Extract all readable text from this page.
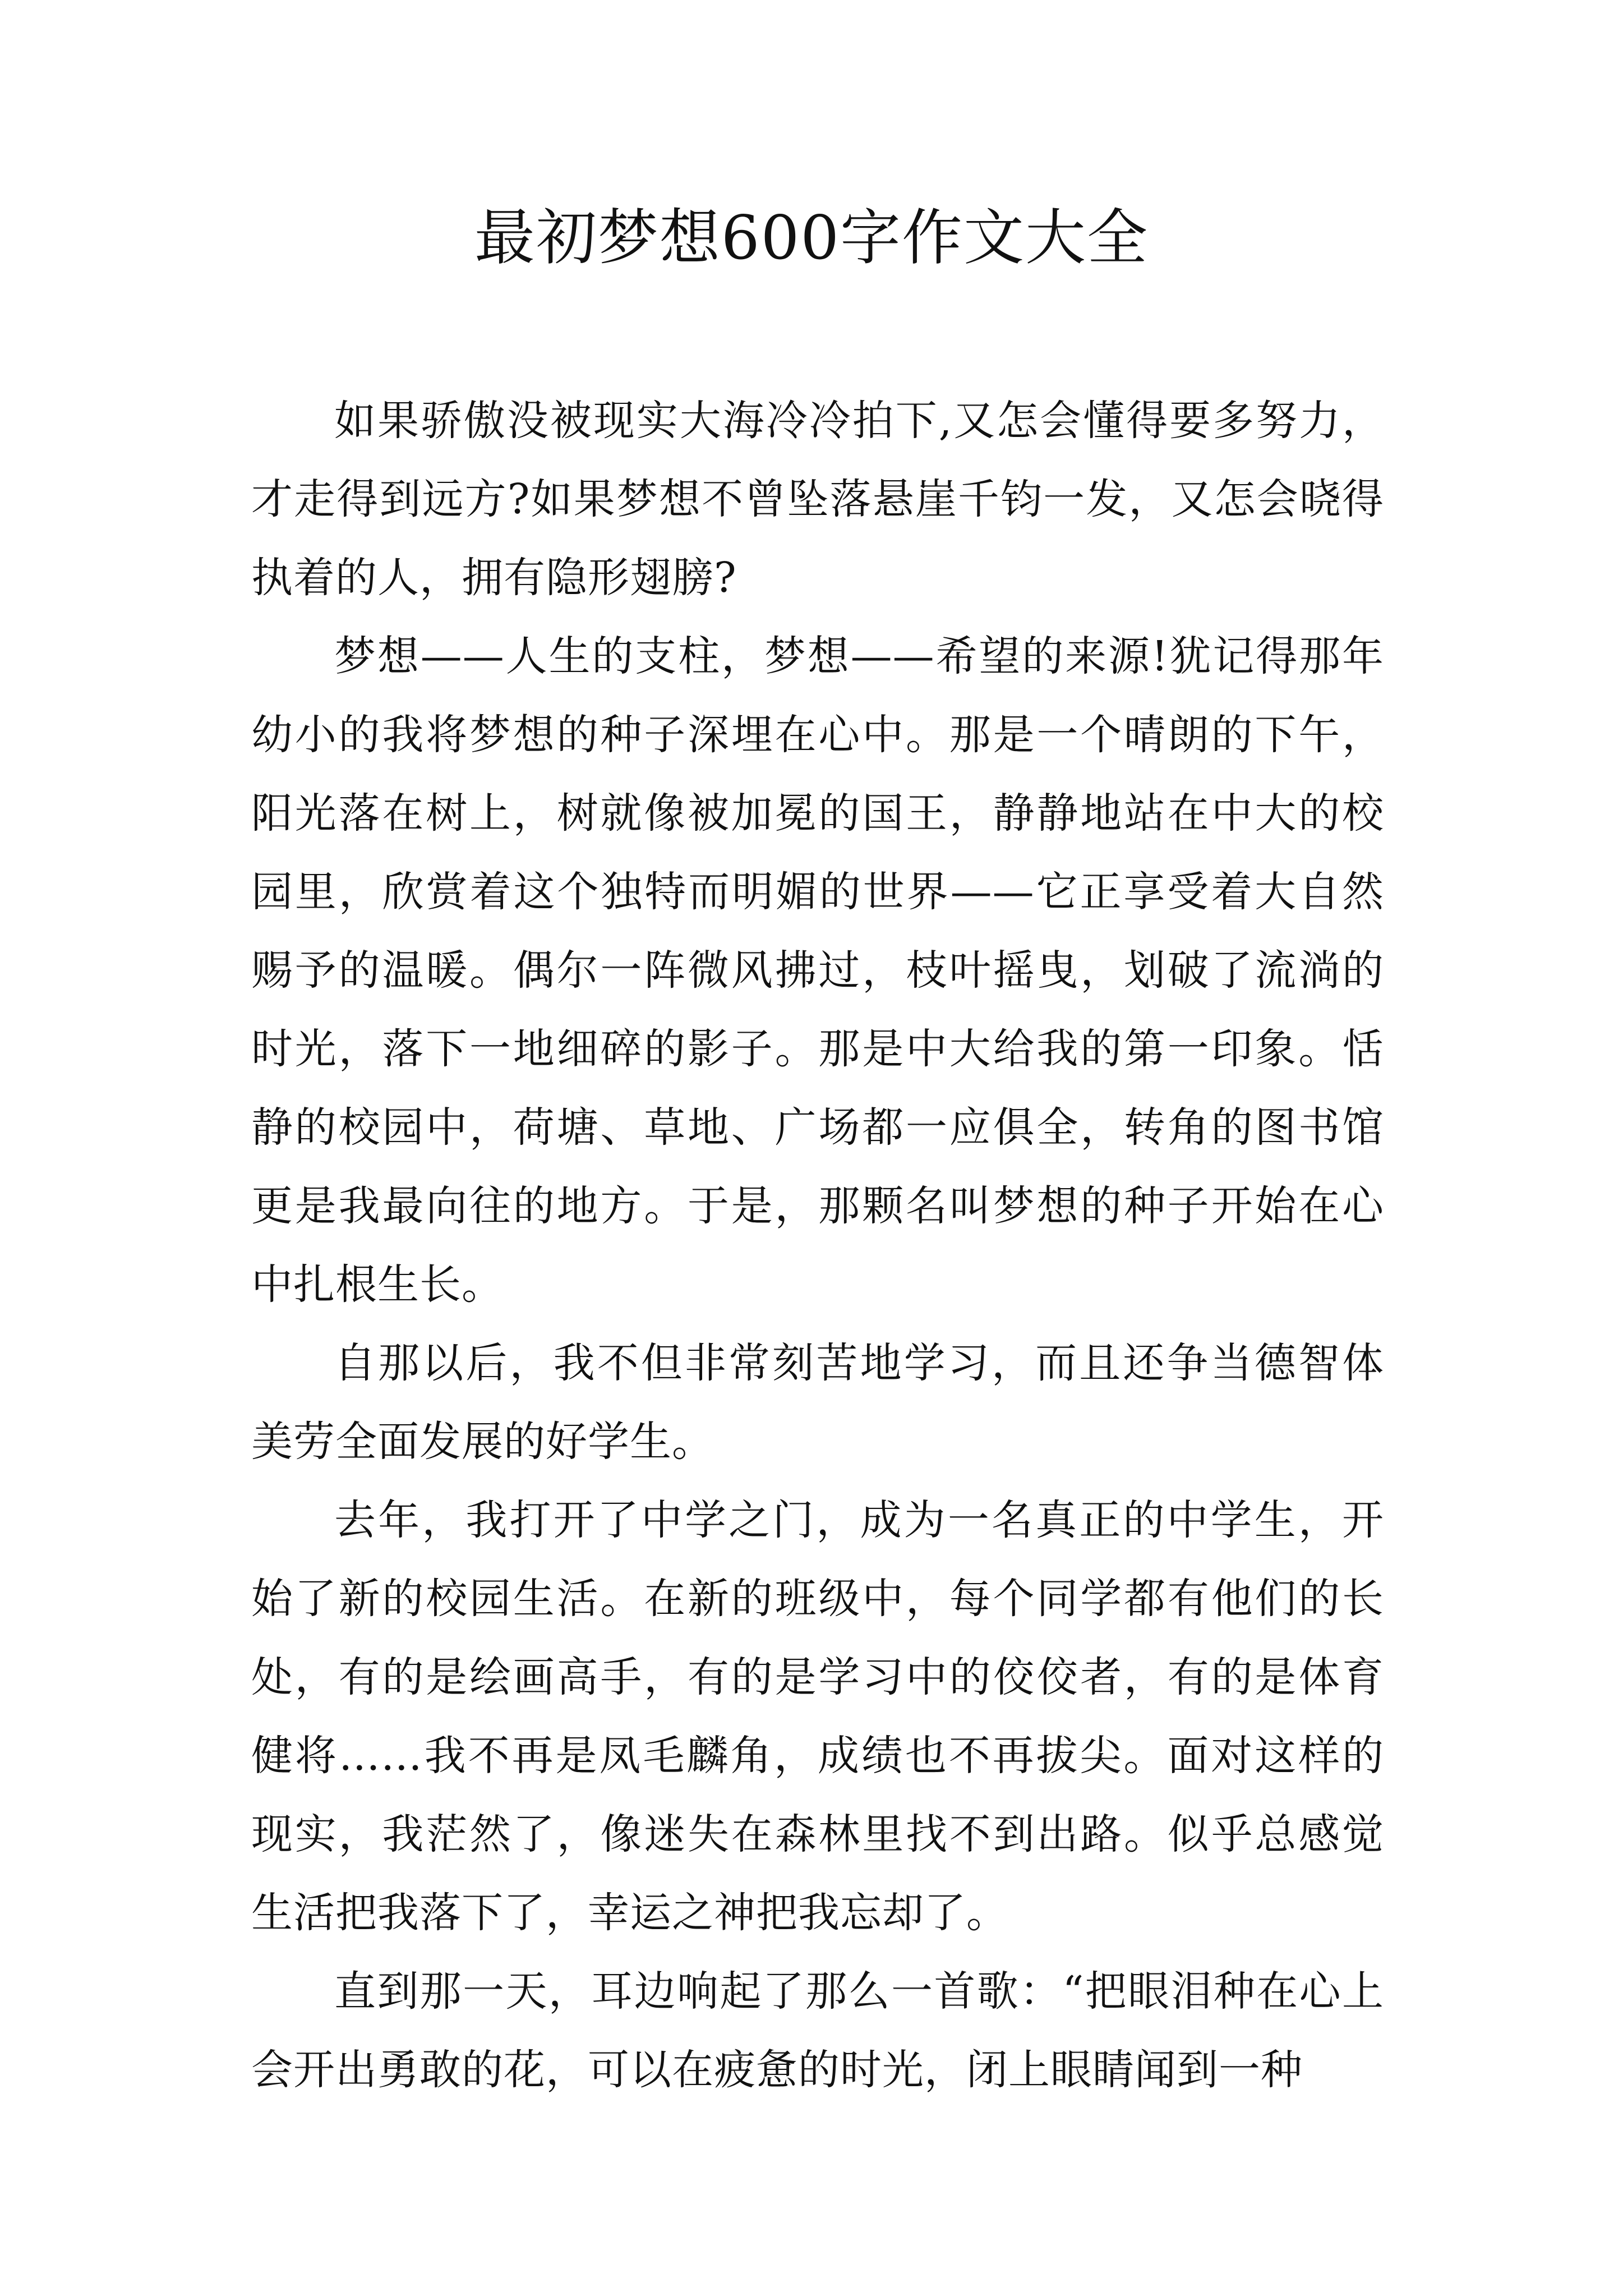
最初梦想600字作文大全

如果骄傲没被现实大海冷冷拍下,又怎会懂得要多努力，才走得到远方?如果梦想不曾坠落悬崖千钧一发，又怎会晓得执着的人，拥有隐形翅膀?

梦想——人生的支柱，梦想——希望的来源!犹记得那年幼小的我将梦想的种子深埋在心中。那是一个晴朗的下午，阳光落在树上，树就像被加冕的国王，静静地站在中大的校园里，欣赏着这个独特而明媚的世界——它正享受着大自然赐予的温暖。偶尔一阵微风拂过，枝叶摇曳，划破了流淌的时光，落下一地细碎的影子。那是中大给我的第一印象。恬静的校园中，荷塘、草地、广场都一应俱全，转角的图书馆更是我最向往的地方。于是，那颗名叫梦想的种子开始在心中扎根生长。

自那以后，我不但非常刻苦地学习，而且还争当德智体美劳全面发展的好学生。

去年，我打开了中学之门，成为一名真正的中学生，开始了新的校园生活。在新的班级中，每个同学都有他们的长处，有的是绘画高手，有的是学习中的佼佼者，有的是体育健将……我不再是凤毛麟角，成绩也不再拔尖。面对这样的现实，我茫然了，像迷失在森林里找不到出路。似乎总感觉生活把我落下了，幸运之神把我忘却了。

直到那一天，耳边响起了那么一首歌：“把眼泪种在心上会开出勇敢的花，可以在疲惫的时光，闭上眼睛闻到一种
